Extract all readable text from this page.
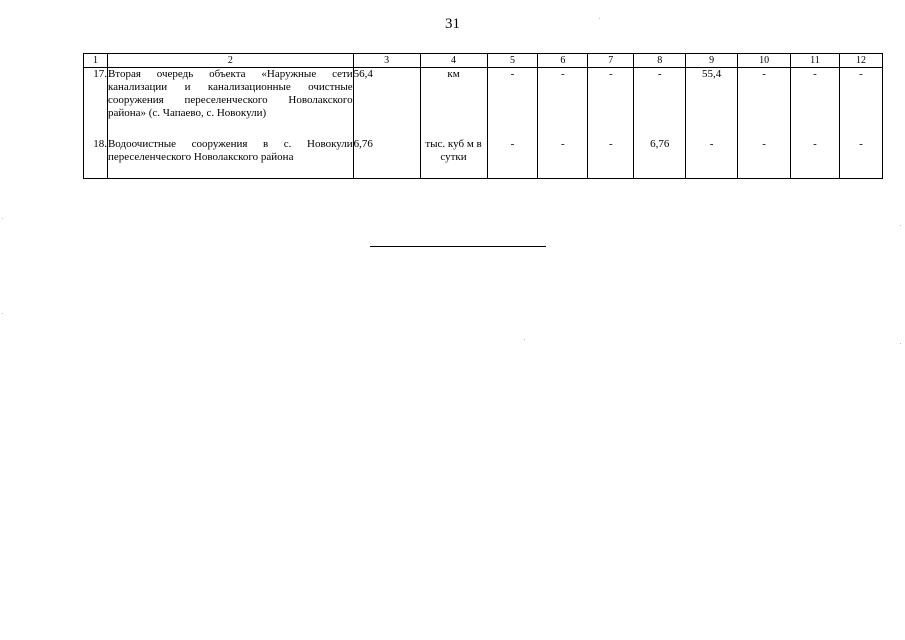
31
1	2	3	4	5	6	7	8	9	10	11	12
17.	Вторая очередь объекта «Наружные сети канализации и канализационные очистные сооружения переселенческого Новолакского района» (с. Чапаево, с. Новокули)	56,4	км	-	-	-	-	55,4	-	-	-
18.	Водоочистные сооружения в с. Новокули переселенческого Новолакского района	6,76	тыс. куб м в сутки	-	-	-	6,76	-	-	-	-
